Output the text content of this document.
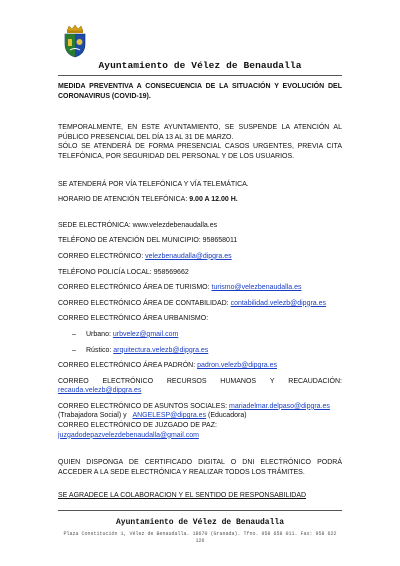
Ayuntamiento de Vélez de Benaudalla

MEDIDA PREVENTIVA A CONSECUENCIA DE LA SITUACIÓN Y EVOLUCIÓN DEL CORONAVIRUS (COVID-19).

TEMPORALMENTE, EN ESTE AYUNTAMIENTO, SE SUSPENDE LA ATENCIÓN AL PÚBLICO PRESENCIAL DEL DÍA 13 AL 31 DE MARZO.

SÓLO SE ATENDERÁ DE FORMA PRESENCIAL CASOS URGENTES, PREVIA CITA TELEFÓNICA, POR SEGURIDAD DEL PERSONAL Y DE LOS USUARIOS.

SE ATENDERÁ POR VÍA TELEFÓNICA Y VÍA TELEMÁTICA.

HORARIO DE ATENCIÓN TELEFÓNICA: 9.00 A 12.00 H.

SEDE ELECTRÓNICA: www.velezdebenaudalla.es

TELÉFONO DE ATENCIÓN DEL MUNICIPIO: 958658011

CORREO ELECTRÓNICO: velezbenaudalla@dipgra.es

TELÉFONO POLICÍA LOCAL: 958569662

CORREO ELECTRÓNICO ÁREA DE TURISMO: turismo@velezbenaudalla.es

CORREO ELECTRÓNICO ÁREA DE CONTABILIDAD: contabilidad.velezb@dipgra.es

CORREO ELECTRÓNICO ÁREA URBANISMO:

–	Urbano:
urbvelez@gmail.com
–	Rústico:
arquitectura.velezb@dipgra.es

CORREO ELECTRÓNICO ÁREA PADRÓN: padron.velezb@dipgra.es

CORREO ELECTRÓNICO RECURSOS HUMANOS Y RECAUDACIÓN:

recauda.velezb@dipgra.es

CORREO ELECTRÓNICO DE ASUNTOS SOCIALES: mariadelmar.delpaso@dipgra.es

(Trabajadora Social) y   ANGELESP@dipgra.es (Educadora)

CORREO ELECTRÓNICO DE JUZGADO DE PAZ:

juzgadodepazvelezdebenaudalla@gmail.com

QUIEN DISPONGA DE CERTIFICADO DIGITAL O DNI ELECTRÓNICO PODRÁ ACCEDER A LA SEDE ELECTRÓNICA Y REALIZAR TODOS LOS TRÁMITES.

SE AGRADECE LA COLABORACION Y EL SENTIDO DE RESPONSABILIDAD

Ayuntamiento de Vélez de Benaudalla
Plaza Constitución 1, Vélez de Benaudalla. 18670 (Granada). Tfno. 958 658 011. Fax: 958 622 126
